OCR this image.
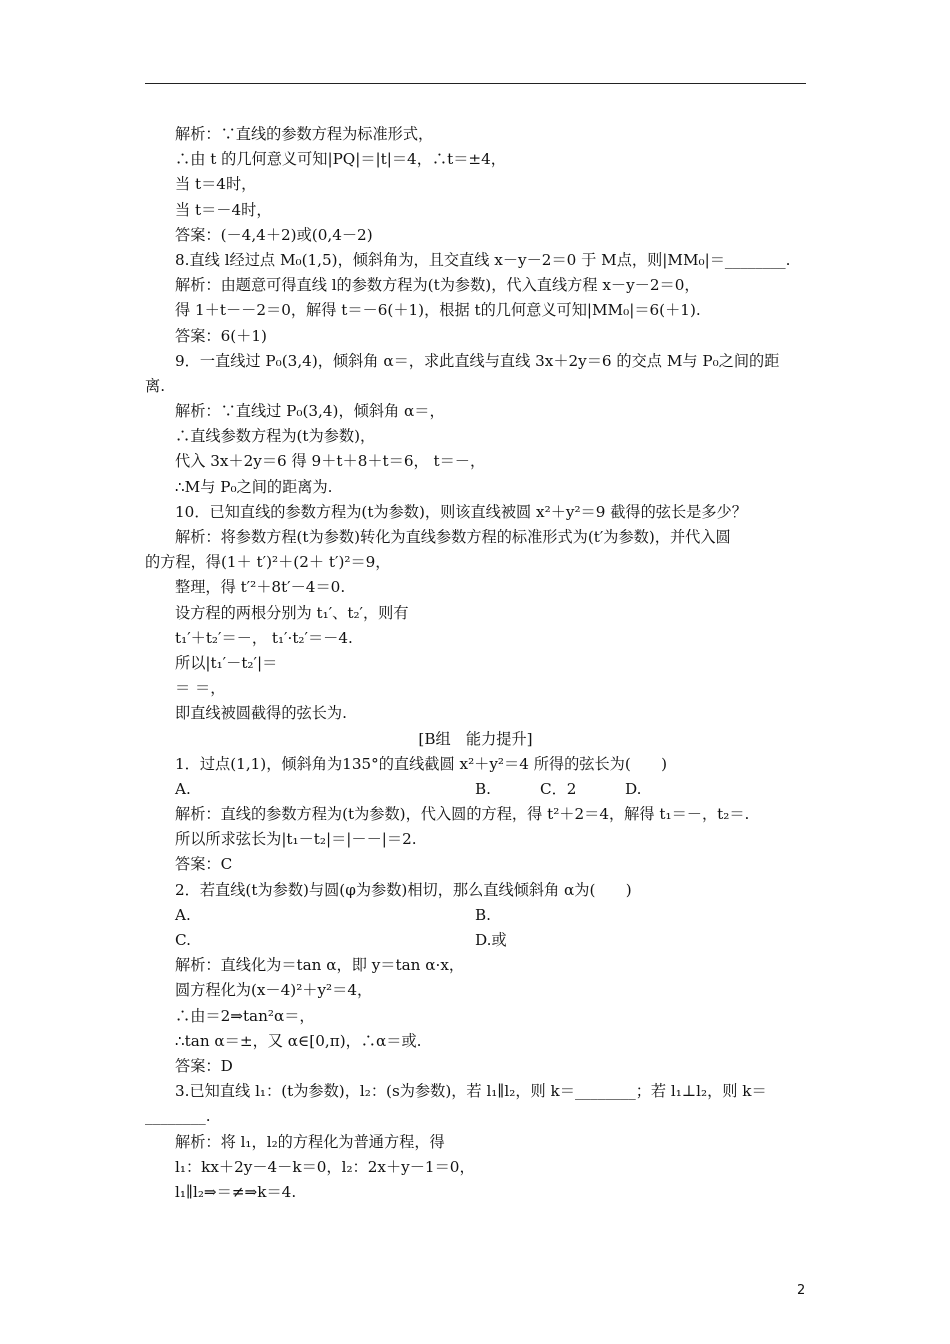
解析：∵直线的参数方程为标准形式，
∴由 t 的几何意义可知|PQ|＝|t|＝4，∴t＝±4，
当 t＝4时，
当 t＝－4时，
答案：(－4,4＋2)或(0,4－2)
8.直线 l经过点 M₀(1,5)，倾斜角为，且交直线 x－y－2＝0 于 M点，则|MM₀|＝________.
解析：由题意可得直线 l的参数方程为(t为参数)，代入直线方程 x－y－2＝0，
得 1＋t－－2＝0，解得 t＝－6(＋1)，根据 t的几何意义可知|MM₀|＝6(＋1).
答案：6(＋1)
9．一直线过 P₀(3,4)，倾斜角 α＝，求此直线与直线 3x＋2y＝6 的交点 M与 P₀之间的距
离.
解析：∵直线过 P₀(3,4)，倾斜角 α＝，
∴直线参数方程为(t为参数)，
代入 3x＋2y＝6 得 9＋t＋8＋t＝6， t＝－，
∴M与 P₀之间的距离为.
10．已知直线的参数方程为(t为参数)，则该直线被圆 x²＋y²＝9 截得的弦长是多少？
解析：将参数方程(t为参数)转化为直线参数方程的标准形式为(t′为参数)，并代入圆
的方程，得(1＋ t′)²＋(2＋ t′)²＝9，
整理，得 t′²＋8t′－4＝0.
设方程的两根分别为 t₁′、t₂′，则有
t₁′＋t₂′＝－， t₁′·t₂′＝－4.
所以|t₁′－t₂′|＝
＝ ＝，
即直线被圆截得的弦长为.
[B组　能力提升]
1．过点(1,1)，倾斜角为135°的直线截圆 x²＋y²＝4 所得的弦长为(　　)
A.	B.	C．2	D.
解析：直线的参数方程为(t为参数)，代入圆的方程，得 t²＋2＝4，解得 t₁＝－，t₂＝.
所以所求弦长为|t₁－t₂|＝|－－|＝2.
答案：C
2．若直线(t为参数)与圆(φ为参数)相切，那么直线倾斜角 α为(　　)
A.	B.
C.	D.或
解析：直线化为＝tan α，即 y＝tan α·x，
圆方程化为(x－4)²＋y²＝4，
∴由＝2⇒tan²α＝，
∴tan α＝±，又 α∈[0,π)，∴α＝或.
答案：D
3.已知直线 l₁：(t为参数)，l₂：(s为参数)，若 l₁∥l₂，则 k＝________；若 l₁⊥l₂，则 k＝
________.
解析：将 l₁，l₂的方程化为普通方程，得
l₁：kx＋2y－4－k＝0，l₂：2x＋y－1＝0，
l₁∥l₂⇒＝≠⇒k＝4.
2
